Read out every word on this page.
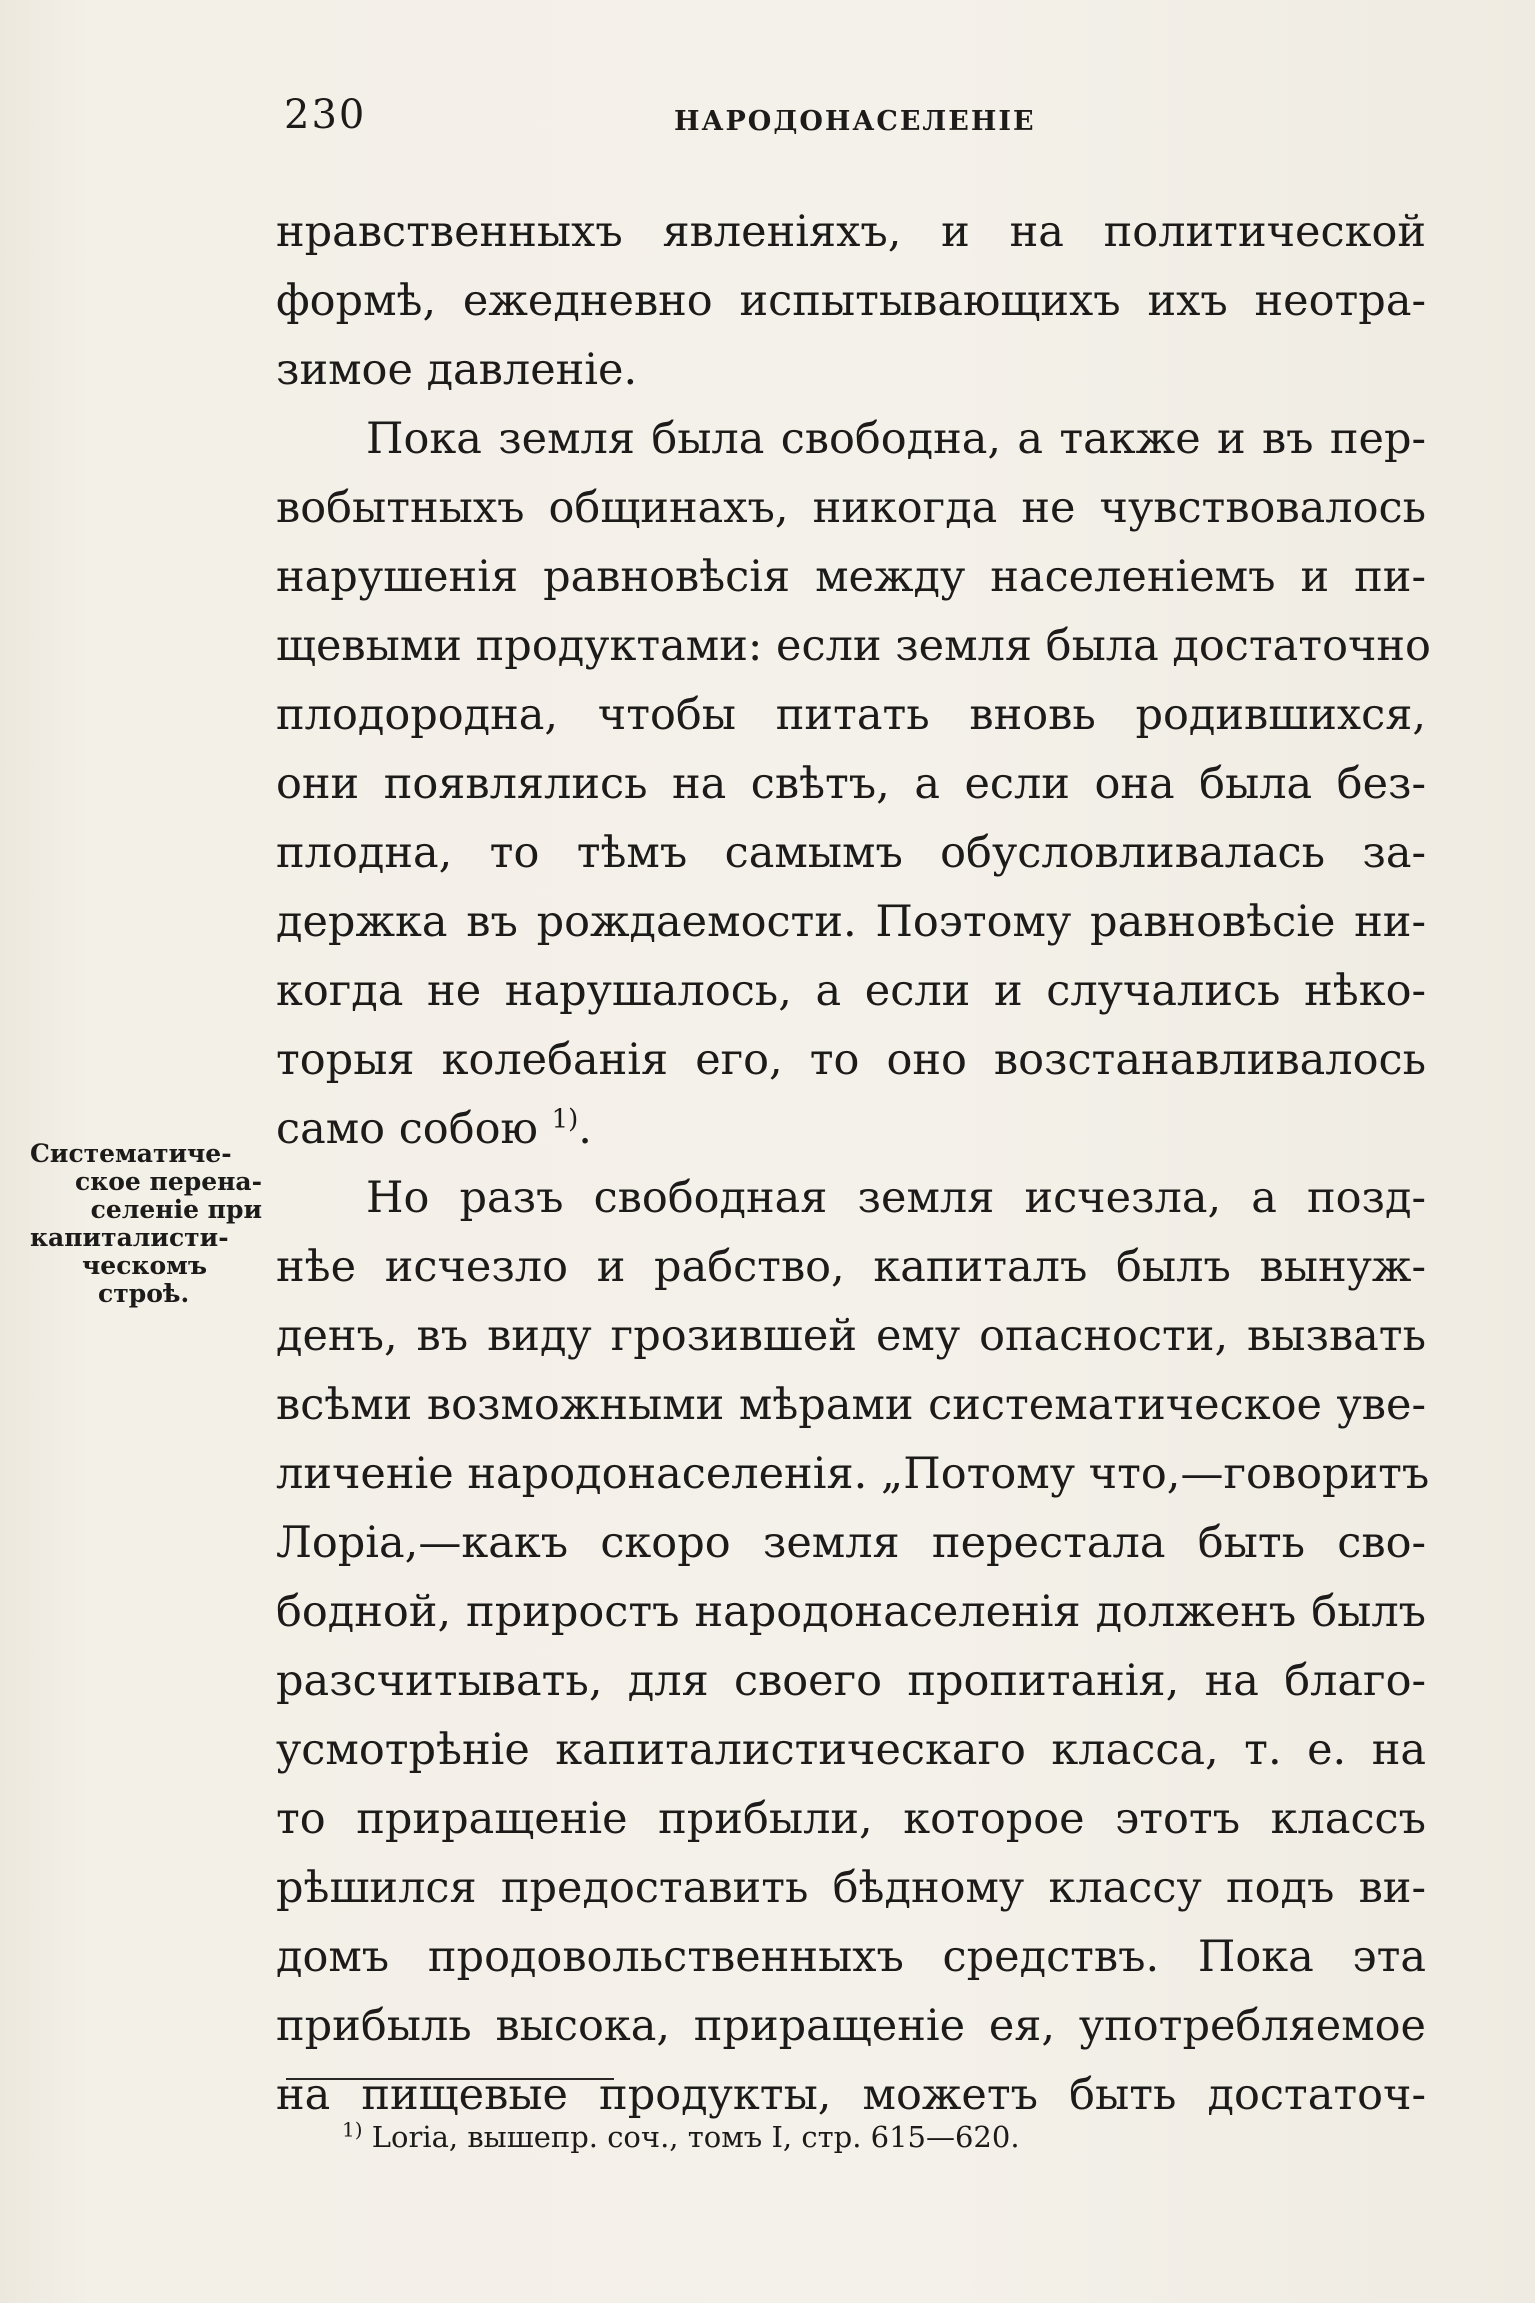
230	НАРОДОНАСЕЛЕНІЕ
Систематиче-
ское перена-
селеніе при
капиталисти-
ческомъ
строѣ.
нравственныхъ явленіяхъ, и на политической
формѣ, ежедневно испытывающихъ ихъ неотра-
зимое давленіе.
Пока земля была свободна, а также и въ пер-
вобытныхъ общинахъ, никогда не чувствовалось
нарушенія равновѣсія между населеніемъ и пи-
щевыми продуктами: если земля была достаточно
плодородна, чтобы питать вновь родившихся,
они появлялись на свѣтъ, а если она была без-
плодна, то тѣмъ самымъ обусловливалась за-
держка въ рождаемости. Поэтому равновѣсіе ни-
когда не нарушалось, а если и случались нѣко-
торыя колебанія его, то оно возстанавливалось
само собою $^{1)}$.
Но разъ свободная земля исчезла, а позд-
нѣе исчезло и рабство, капиталъ былъ вынуж-
денъ, въ виду грозившей ему опасности, вызвать
всѣми возможными мѣрами систематическое уве-
личеніе народонаселенія. „Потому что,—говоритъ
Лоріа,—какъ скоро земля перестала быть сво-
бодной, приростъ народонаселенія долженъ былъ
разсчитывать, для своего пропитанія, на благо-
усмотрѣніе капиталистическаго класса, т. е. на
то приращеніе прибыли, которое этотъ классъ
рѣшился предоставить бѣдному классу подъ ви-
домъ продовольственныхъ средствъ. Пока эта
прибыль высока, приращеніе ея, употребляемое
на пищевые продукты, можетъ быть достаточ-
$^{1)}$ Loria, вышепр. соч., томъ I, стр. 615—620.
